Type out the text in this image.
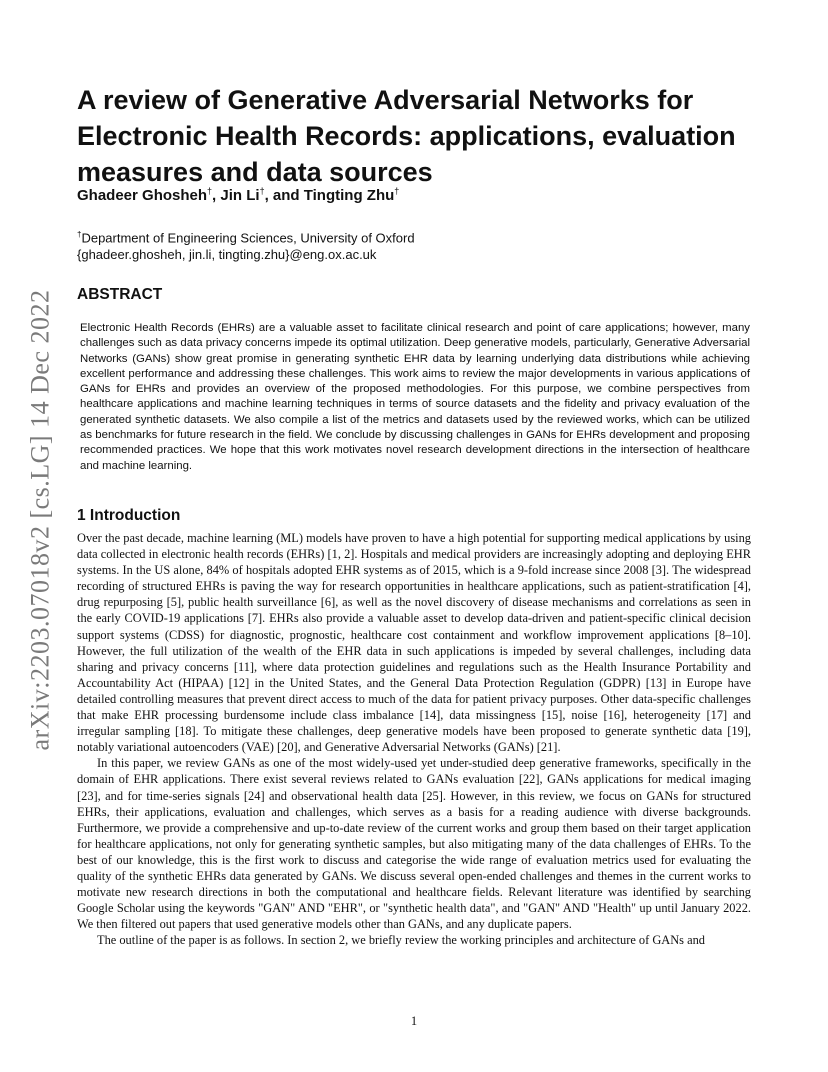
arXiv:2203.07018v2 [cs.LG] 14 Dec 2022
A review of Generative Adversarial Networks for Electronic Health Records: applications, evaluation measures and data sources
Ghadeer Ghosheh†, Jin Li†, and Tingting Zhu†
†Department of Engineering Sciences, University of Oxford
{ghadeer.ghosheh, jin.li, tingting.zhu}@eng.ox.ac.uk
ABSTRACT
Electronic Health Records (EHRs) are a valuable asset to facilitate clinical research and point of care applications; however, many challenges such as data privacy concerns impede its optimal utilization. Deep generative models, particularly, Generative Adversarial Networks (GANs) show great promise in generating synthetic EHR data by learning underlying data distributions while achieving excellent performance and addressing these challenges. This work aims to review the major developments in various applications of GANs for EHRs and provides an overview of the proposed methodologies. For this purpose, we combine perspectives from healthcare applications and machine learning techniques in terms of source datasets and the fidelity and privacy evaluation of the generated synthetic datasets. We also compile a list of the metrics and datasets used by the reviewed works, which can be utilized as benchmarks for future research in the field. We conclude by discussing challenges in GANs for EHRs development and proposing recommended practices. We hope that this work motivates novel research development directions in the intersection of healthcare and machine learning.
1 Introduction

Over the past decade, machine learning (ML) models have proven to have a high potential for supporting medical applications by using data collected in electronic health records (EHRs) [1, 2]. Hospitals and medical providers are increasingly adopting and deploying EHR systems. In the US alone, 84% of hospitals adopted EHR systems as of 2015, which is a 9-fold increase since 2008 [3]. The widespread recording of structured EHRs is paving the way for research opportunities in healthcare applications, such as patient-stratification [4], drug repurposing [5], public health surveillance [6], as well as the novel discovery of disease mechanisms and correlations as seen in the early COVID-19 applications [7]. EHRs also provide a valuable asset to develop data-driven and patient-specific clinical decision support systems (CDSS) for diagnostic, prognostic, healthcare cost containment and workflow improvement applications [8–10]. However, the full utilization of the wealth of the EHR data in such applications is impeded by several challenges, including data sharing and privacy concerns [11], where data protection guidelines and regulations such as the Health Insurance Portability and Accountability Act (HIPAA) [12] in the United States, and the General Data Protection Regulation (GDPR) [13] in Europe have detailed controlling measures that prevent direct access to much of the data for patient privacy purposes. Other data-specific challenges that make EHR processing burdensome include class imbalance [14], data missingness [15], noise [16], heterogeneity [17] and irregular sampling [18]. To mitigate these challenges, deep generative models have been proposed to generate synthetic data [19], notably variational autoencoders (VAE) [20], and Generative Adversarial Networks (GANs) [21].

In this paper, we review GANs as one of the most widely-used yet under-studied deep generative frameworks, specifically in the domain of EHR applications. There exist several reviews related to GANs evaluation [22], GANs applications for medical imaging [23], and for time-series signals [24] and observational health data [25]. However, in this review, we focus on GANs for structured EHRs, their applications, evaluation and challenges, which serves as a basis for a reading audience with diverse backgrounds. Furthermore, we provide a comprehensive and up-to-date review of the current works and group them based on their target application for healthcare applications, not only for generating synthetic samples, but also mitigating many of the data challenges of EHRs. To the best of our knowledge, this is the first work to discuss and categorise the wide range of evaluation metrics used for evaluating the quality of the synthetic EHRs data generated by GANs. We discuss several open-ended challenges and themes in the current works to motivate new research directions in both the computational and healthcare fields. Relevant literature was identified by searching Google Scholar using the keywords "GAN" AND "EHR", or "synthetic health data", and "GAN" AND "Health" up until January 2022. We then filtered out papers that used generative models other than GANs, and any duplicate papers.

The outline of the paper is as follows. In section 2, we briefly review the working principles and architecture of GANs and

1
